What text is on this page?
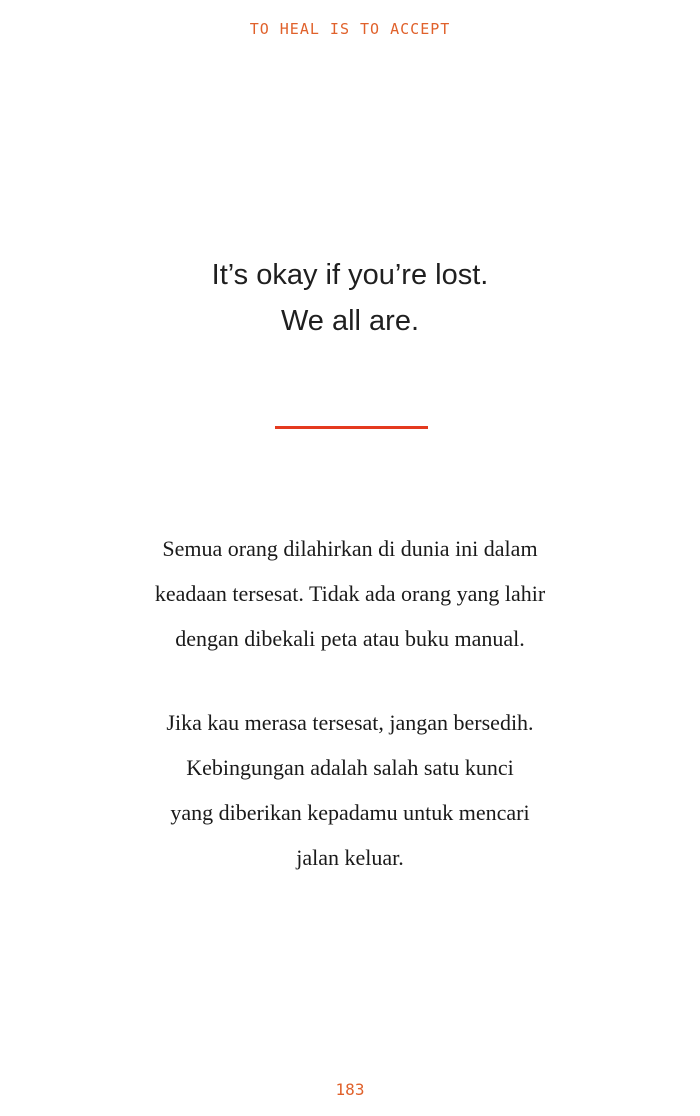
TO HEAL IS TO ACCEPT
It’s okay if you’re lost.
We all are.
Semua orang dilahirkan di dunia ini dalam
keadaan tersesat. Tidak ada orang yang lahir
dengan dibekali peta atau buku manual.
Jika kau merasa tersesat, jangan bersedih.
Kebingungan adalah salah satu kunci
yang diberikan kepadamu untuk mencari
jalan keluar.
183
